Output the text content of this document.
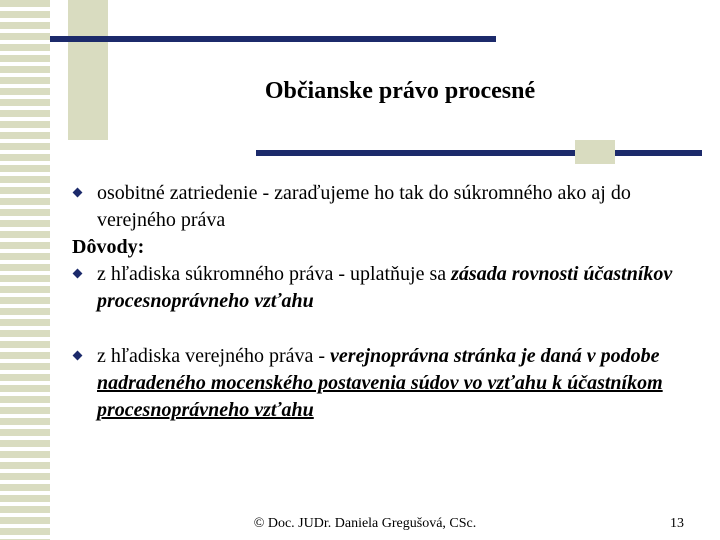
Občianske právo procesné
osobitné zatriedenie - zaraďujeme ho tak do súkromného ako aj do verejného práva
Dôvody:
z hľadiska súkromného práva - uplatňuje sa zásada rovnosti účastníkov procesnoprávneho vzťahu
z hľadiska verejného práva - verejnoprávna stránka je daná v podobe nadradeného mocenského postavenia súdov vo vzťahu k účastníkom procesnoprávneho vzťahu
© Doc. JUDr. Daniela Gregušová, CSc.	13
